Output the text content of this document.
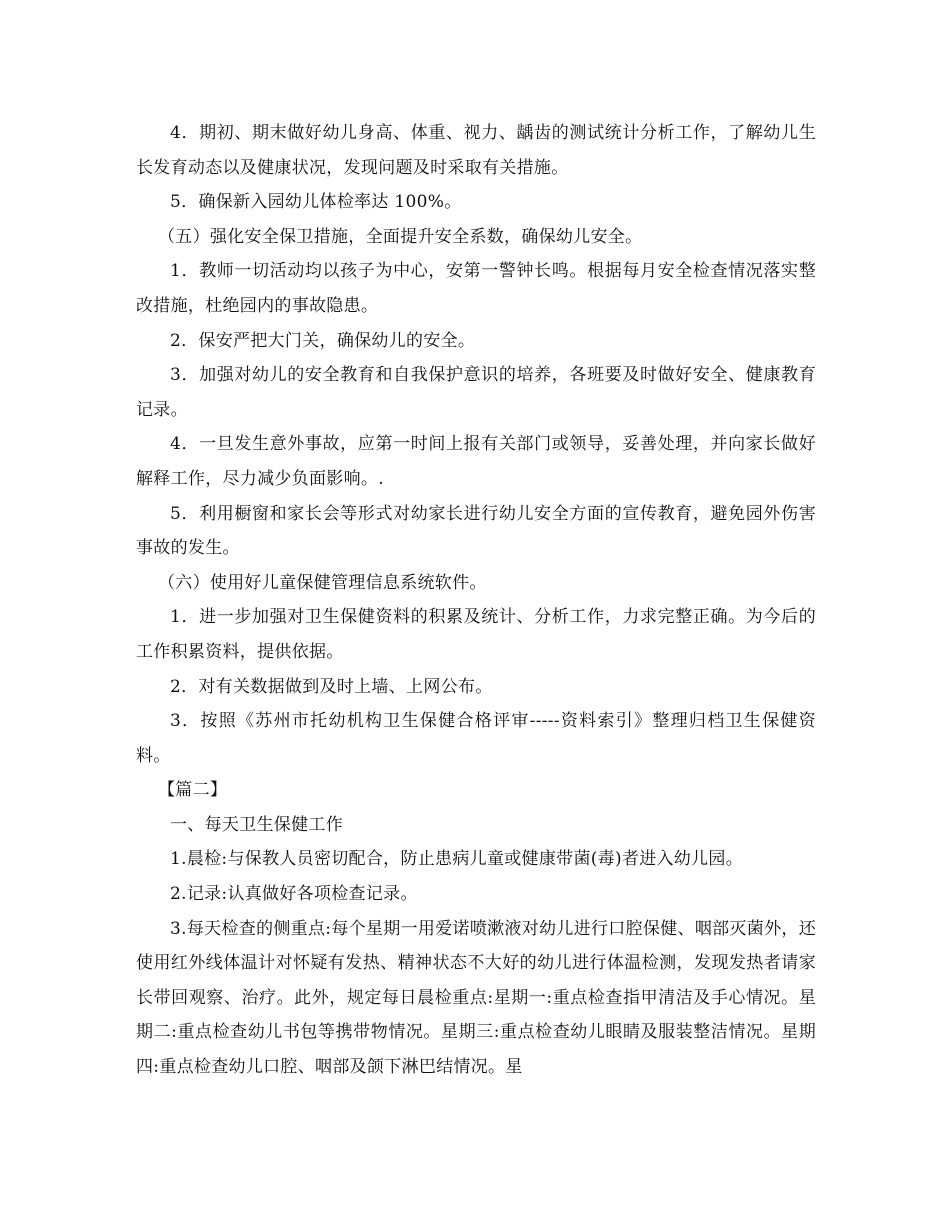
4．期初、期末做好幼儿身高、体重、视力、龋齿的测试统计分析工作，了解幼儿生长发育动态以及健康状况，发现问题及时采取有关措施。

5．确保新入园幼儿体检率达 100%。

（五）强化安全保卫措施，全面提升安全系数，确保幼儿安全。

1．教师一切活动均以孩子为中心，安第一警钟长鸣。根据每月安全检查情况落实整改措施，杜绝园内的事故隐患。

2．保安严把大门关，确保幼儿的安全。

3．加强对幼儿的安全教育和自我保护意识的培养，各班要及时做好安全、健康教育记录。

4．一旦发生意外事故，应第一时间上报有关部门或领导，妥善处理，并向家长做好解释工作，尽力减少负面影响。.

5．利用橱窗和家长会等形式对幼家长进行幼儿安全方面的宣传教育，避免园外伤害事故的发生。

（六）使用好儿童保健管理信息系统软件。

1．进一步加强对卫生保健资料的积累及统计、分析工作，力求完整正确。为今后的工作积累资料，提供依据。

2．对有关数据做到及时上墙、上网公布。

3．按照《苏州市托幼机构卫生保健合格评审-----资料索引》整理归档卫生保健资料。

【篇二】

一、每天卫生保健工作

1.晨检:与保教人员密切配合，防止患病儿童或健康带菌(毒)者进入幼儿园。

2.记录:认真做好各项检查记录。

3.每天检查的侧重点:每个星期一用爱诺喷漱液对幼儿进行口腔保健、咽部灭菌外，还使用红外线体温计对怀疑有发热、精神状态不大好的幼儿进行体温检测，发现发热者请家长带回观察、治疗。此外，规定每日晨检重点:星期一:重点检查指甲清洁及手心情况。星期二:重点检查幼儿书包等携带物情况。星期三:重点检查幼儿眼睛及服装整洁情况。星期四:重点检查幼儿口腔、咽部及颌下淋巴结情况。星
